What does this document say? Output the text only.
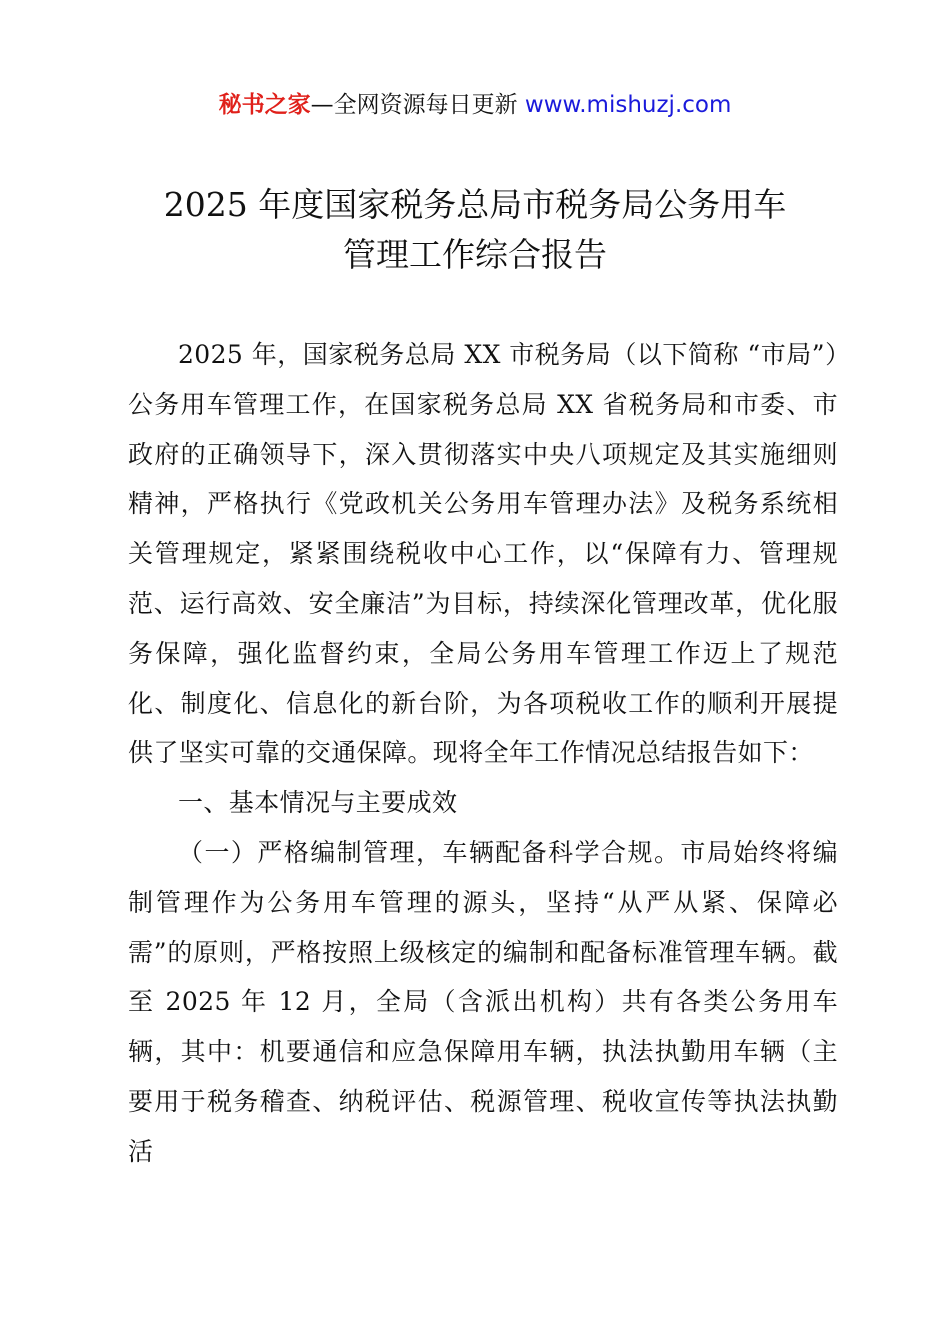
秘书之家—全网资源每日更新 www.mishuzj.com
2025 年度国家税务总局市税务局公务用车
管理工作综合报告

2025 年，国家税务总局 XX 市税务局（以下简称 “市局”）公务用车管理工作，在国家税务总局 XX 省税务局和市委、市政府的正确领导下，深入贯彻落实中央八项规定及其实施细则精神，严格执行《党政机关公务用车管理办法》及税务系统相关管理规定，紧紧围绕税收中心工作，以“保障有力、管理规范、运行高效、安全廉洁”为目标，持续深化管理改革，优化服务保障，强化监督约束，全局公务用车管理工作迈上了规范化、制度化、信息化的新台阶，为各项税收工作的顺利开展提供了坚实可靠的交通保障。现将全年工作情况总结报告如下：

一、基本情况与主要成效

（一）严格编制管理，车辆配备科学合规。市局始终将编制管理作为公务用车管理的源头，坚持“从严从紧、保障必需”的原则，严格按照上级核定的编制和配备标准管理车辆。截至 2025 年 12 月，全局（含派出机构）共有各类公务用车辆，其中：机要通信和应急保障用车辆，执法执勤用车辆（主要用于税务稽查、纳税评估、税源管理、税收宣传等执法执勤活
